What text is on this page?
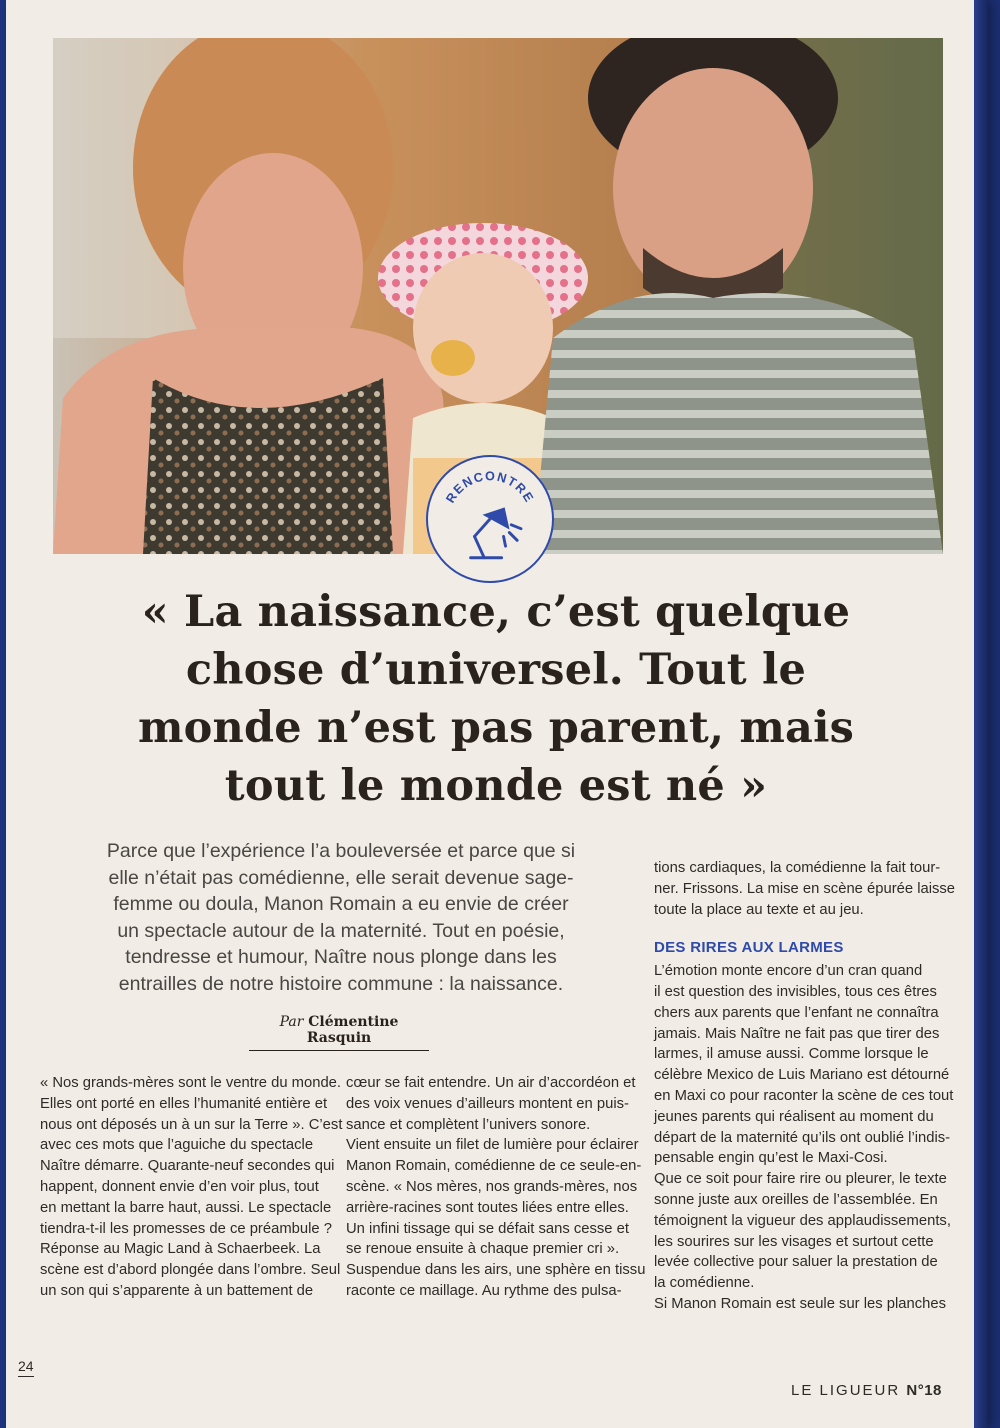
RENCONTRE
« La naissance, c’est quelque
chose d’universel. Tout le
monde n’est pas parent, mais
tout le monde est né »
Parce que l’expérience l’a bouleversée et parce que si
elle n’était pas comédienne, elle serait devenue sage-
femme ou doula, Manon Romain a eu envie de créer
un spectacle autour de la maternité. Tout en poésie,
tendresse et humour, Naître nous plonge dans les
entrailles de notre histoire commune : la naissance.
Par Clémentine Rasquin
« Nos grands-mères sont le ventre du monde.
Elles ont porté en elles l’humanité entière et
nous ont déposés un à un sur la Terre ». C’est
avec ces mots que l’aguiche du spectacle
Naître démarre. Quarante-neuf secondes qui
happent, donnent envie d’en voir plus, tout
en mettant la barre haut, aussi. Le spectacle
tiendra-t-il les promesses de ce préambule ?
Réponse au Magic Land à Schaerbeek. La
scène est d’abord plongée dans l’ombre. Seul
un son qui s’apparente à un battement de
cœur se fait entendre. Un air d’accordéon et
des voix venues d’ailleurs montent en puis-
sance et complètent l’univers sonore.
Vient ensuite un filet de lumière pour éclairer
Manon Romain, comédienne de ce seule-en-
scène. « Nos mères, nos grands-mères, nos
arrière-racines sont toutes liées entre elles.
Un infini tissage qui se défait sans cesse et
se renoue ensuite à chaque premier cri ».
Suspendue dans les airs, une sphère en tissu
raconte ce maillage. Au rythme des pulsa-
tions cardiaques, la comédienne la fait tour-
ner. Frissons. La mise en scène épurée laisse
toute la place au texte et au jeu.
DES RIRES AUX LARMES
L’émotion monte encore d’un cran quand
il est question des invisibles, tous ces êtres
chers aux parents que l’enfant ne connaîtra
jamais. Mais Naître ne fait pas que tirer des
larmes, il amuse aussi. Comme lorsque le
célèbre Mexico de Luis Mariano est détourné
en Maxi co pour raconter la scène de ces tout
jeunes parents qui réalisent au moment du
départ de la maternité qu’ils ont oublié l’indis-
pensable engin qu’est le Maxi-Cosi.
Que ce soit pour faire rire ou pleurer, le texte
sonne juste aux oreilles de l’assemblée. En
témoignent la vigueur des applaudissements,
les sourires sur les visages et surtout cette
levée collective pour saluer la prestation de
la comédienne.
Si Manon Romain est seule sur les planches
24
LE LIGUEUR N°18
